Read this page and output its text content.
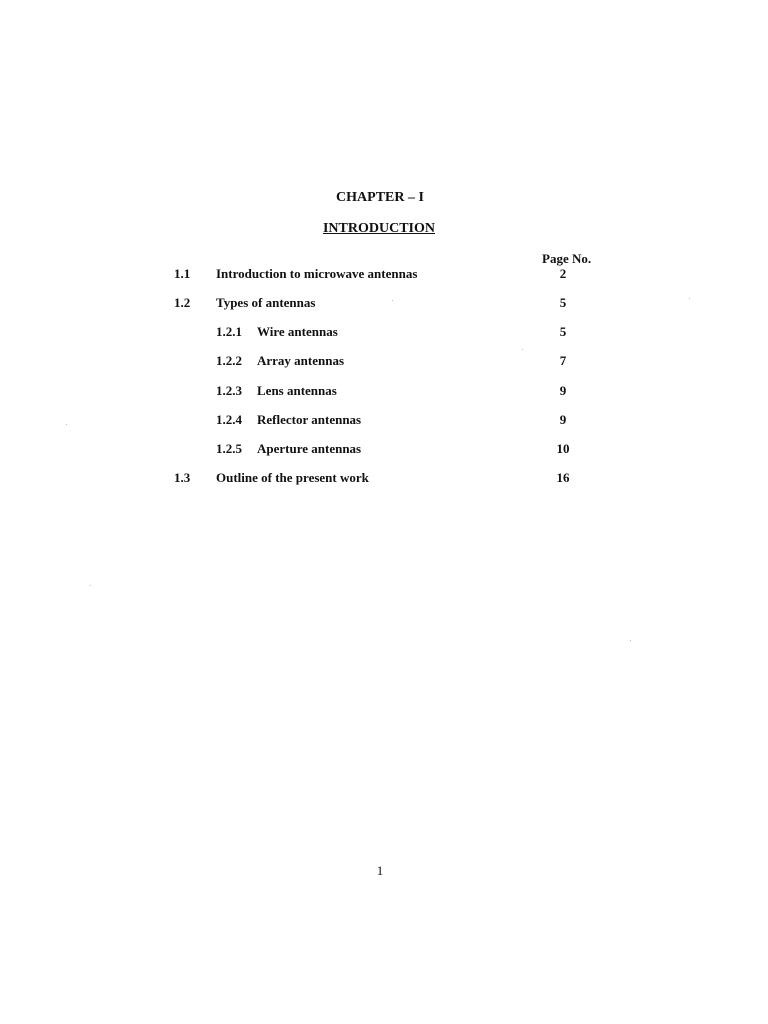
CHAPTER – I
INTRODUCTION
Page No.
1.1 Introduction to microwave antennas	2
1.2 Types of antennas	5
1.2.1 Wire antennas	5
1.2.2 Array antennas	7
1.2.3 Lens antennas	9
1.2.4 Reflector antennas	9
1.2.5 Aperture antennas	10
1.3 Outline of the present work	16
1
